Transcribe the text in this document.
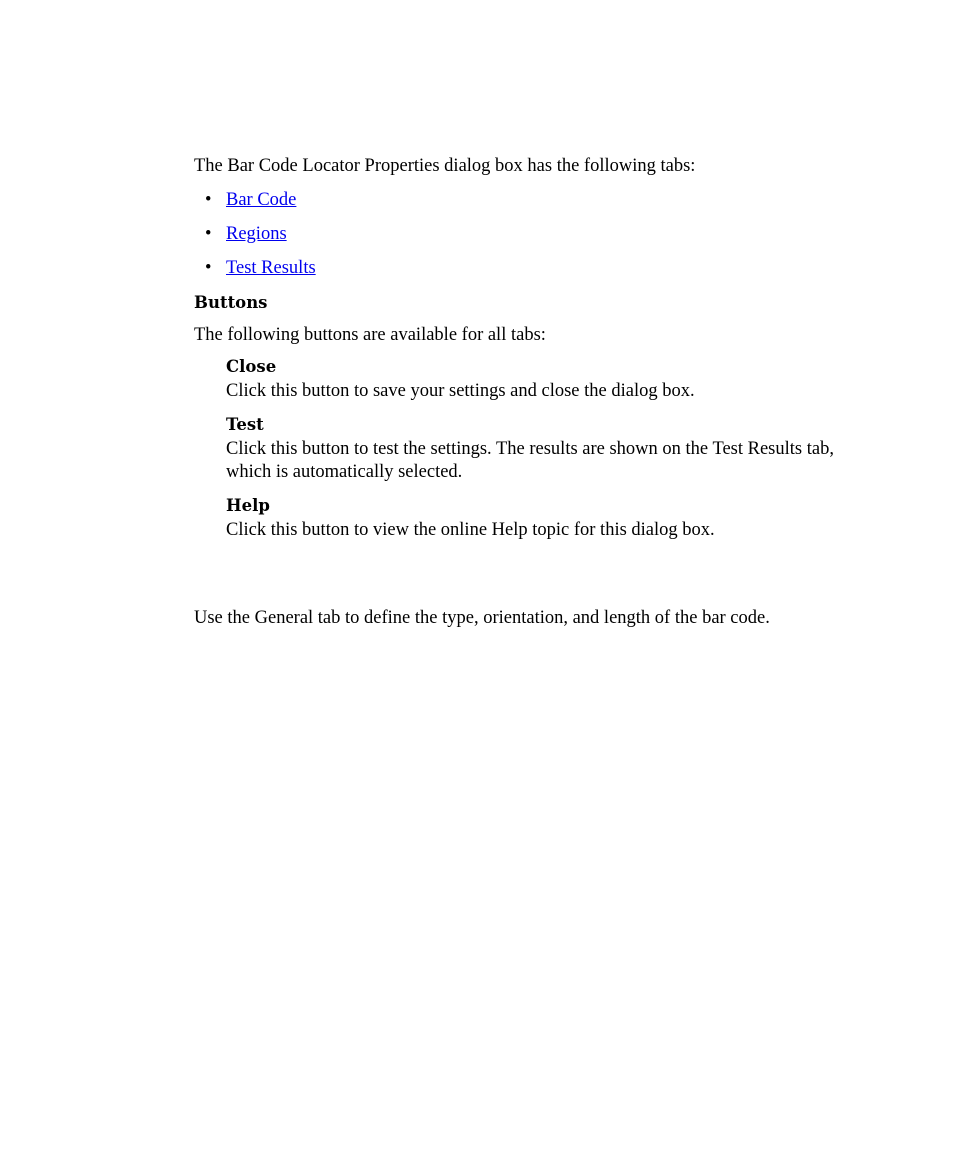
The Bar Code Locator Properties dialog box has the following tabs:

• Bar Code
• Regions
• Test Results
Buttons

The following buttons are available for all tabs:

Close
Click this button to save your settings and close the dialog box.
Test
Click this button to test the settings. The results are shown on the Test Results tab, which is automatically selected.
Help
Click this button to view the online Help topic for this dialog box.

Use the General tab to define the type, orientation, and length of the bar code.
